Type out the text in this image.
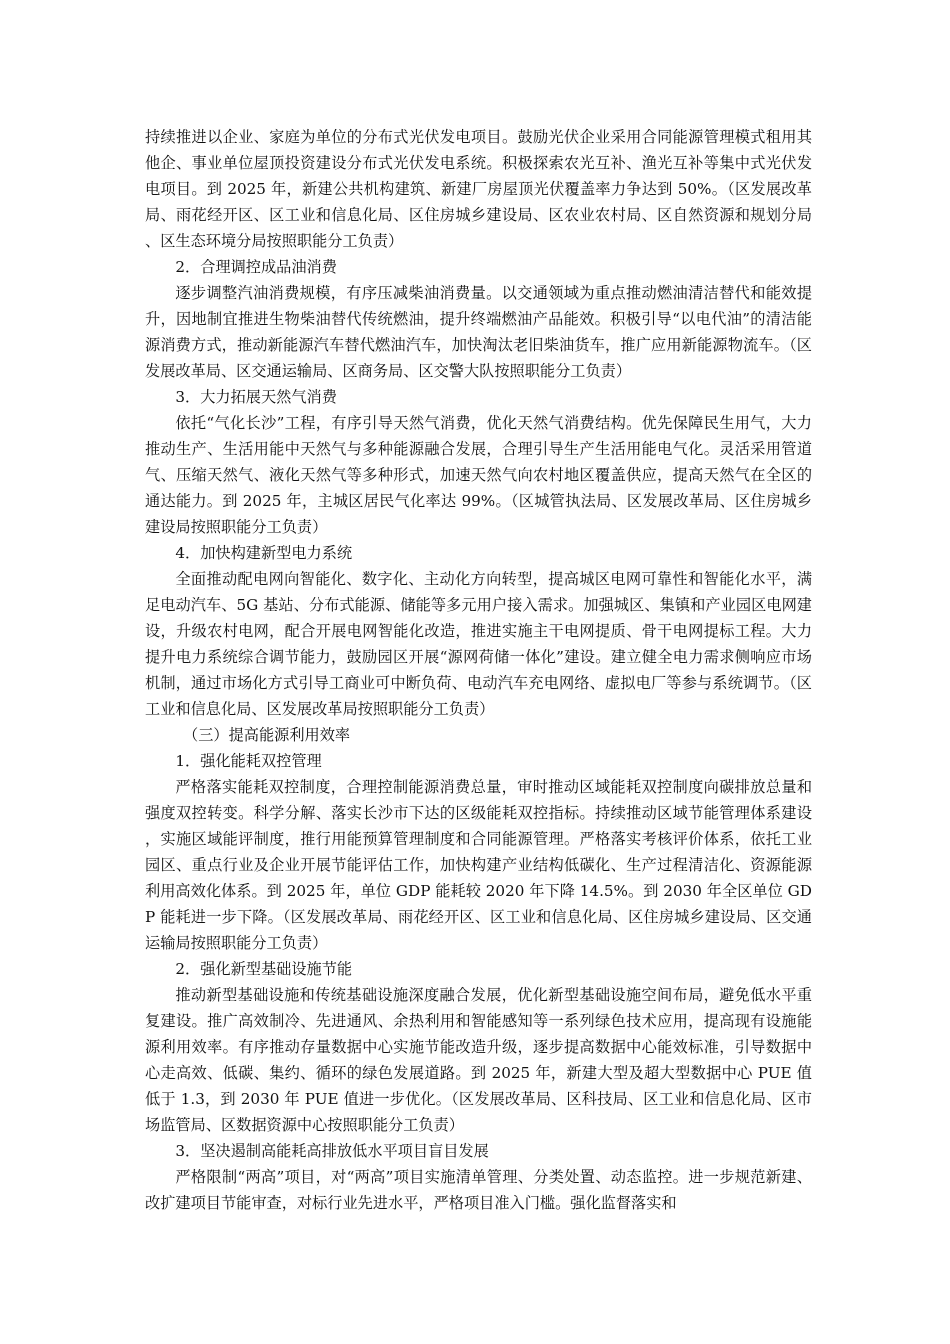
持续推进以企业、家庭为单位的分布式光伏发电项目。鼓励光伏企业采用合同能源管理模式租用其他企、事业单位屋顶投资建设分布式光伏发电系统。积极探索农光互补、渔光互补等集中式光伏发电项目。到 2025 年，新建公共机构建筑、新建厂房屋顶光伏覆盖率力争达到 50%。（区发展改革局、雨花经开区、区工业和信息化局、区住房城乡建设局、区农业农村局、区自然资源和规划分局、区生态环境分局按照职能分工负责）

2．合理调控成品油消费

逐步调整汽油消费规模，有序压减柴油消费量。以交通领域为重点推动燃油清洁替代和能效提升，因地制宜推进生物柴油替代传统燃油，提升终端燃油产品能效。积极引导“以电代油”的清洁能源消费方式，推动新能源汽车替代燃油汽车，加快淘汰老旧柴油货车，推广应用新能源物流车。（区发展改革局、区交通运输局、区商务局、区交警大队按照职能分工负责）

3．大力拓展天然气消费

依托“气化长沙”工程，有序引导天然气消费，优化天然气消费结构。优先保障民生用气，大力推动生产、生活用能中天然气与多种能源融合发展，合理引导生产生活用能电气化。灵活采用管道气、压缩天然气、液化天然气等多种形式，加速天然气向农村地区覆盖供应，提高天然气在全区的通达能力。到 2025 年，主城区居民气化率达 99%。（区城管执法局、区发展改革局、区住房城乡建设局按照职能分工负责）

4．加快构建新型电力系统

全面推动配电网向智能化、数字化、主动化方向转型，提高城区电网可靠性和智能化水平，满足电动汽车、5G 基站、分布式能源、储能等多元用户接入需求。加强城区、集镇和产业园区电网建设，升级农村电网，配合开展电网智能化改造，推进实施主干电网提质、骨干电网提标工程。大力提升电力系统综合调节能力，鼓励园区开展“源网荷储一体化”建设。建立健全电力需求侧响应市场机制，通过市场化方式引导工商业可中断负荷、电动汽车充电网络、虚拟电厂等参与系统调节。（区工业和信息化局、区发展改革局按照职能分工负责）

（三）提高能源利用效率

1．强化能耗双控管理

严格落实能耗双控制度，合理控制能源消费总量，审时推动区域能耗双控制度向碳排放总量和强度双控转变。科学分解、落实长沙市下达的区级能耗双控指标。持续推动区域节能管理体系建设，实施区域能评制度，推行用能预算管理制度和合同能源管理。严格落实考核评价体系，依托工业园区、重点行业及企业开展节能评估工作，加快构建产业结构低碳化、生产过程清洁化、资源能源利用高效化体系。到 2025 年，单位 GDP 能耗较 2020 年下降 14.5%。到 2030 年全区单位 GDP 能耗进一步下降。（区发展改革局、雨花经开区、区工业和信息化局、区住房城乡建设局、区交通运输局按照职能分工负责）

2．强化新型基础设施节能

推动新型基础设施和传统基础设施深度融合发展，优化新型基础设施空间布局，避免低水平重复建设。推广高效制冷、先进通风、余热利用和智能感知等一系列绿色技术应用，提高现有设施能源利用效率。有序推动存量数据中心实施节能改造升级，逐步提高数据中心能效标准，引导数据中心走高效、低碳、集约、循环的绿色发展道路。到 2025 年，新建大型及超大型数据中心 PUE 值低于 1.3，到 2030 年 PUE 值进一步优化。（区发展改革局、区科技局、区工业和信息化局、区市场监管局、区数据资源中心按照职能分工负责）

3．坚决遏制高能耗高排放低水平项目盲目发展

严格限制“两高”项目，对“两高”项目实施清单管理、分类处置、动态监控。进一步规范新建、改扩建项目节能审查，对标行业先进水平，严格项目准入门槛。强化监督落实和
